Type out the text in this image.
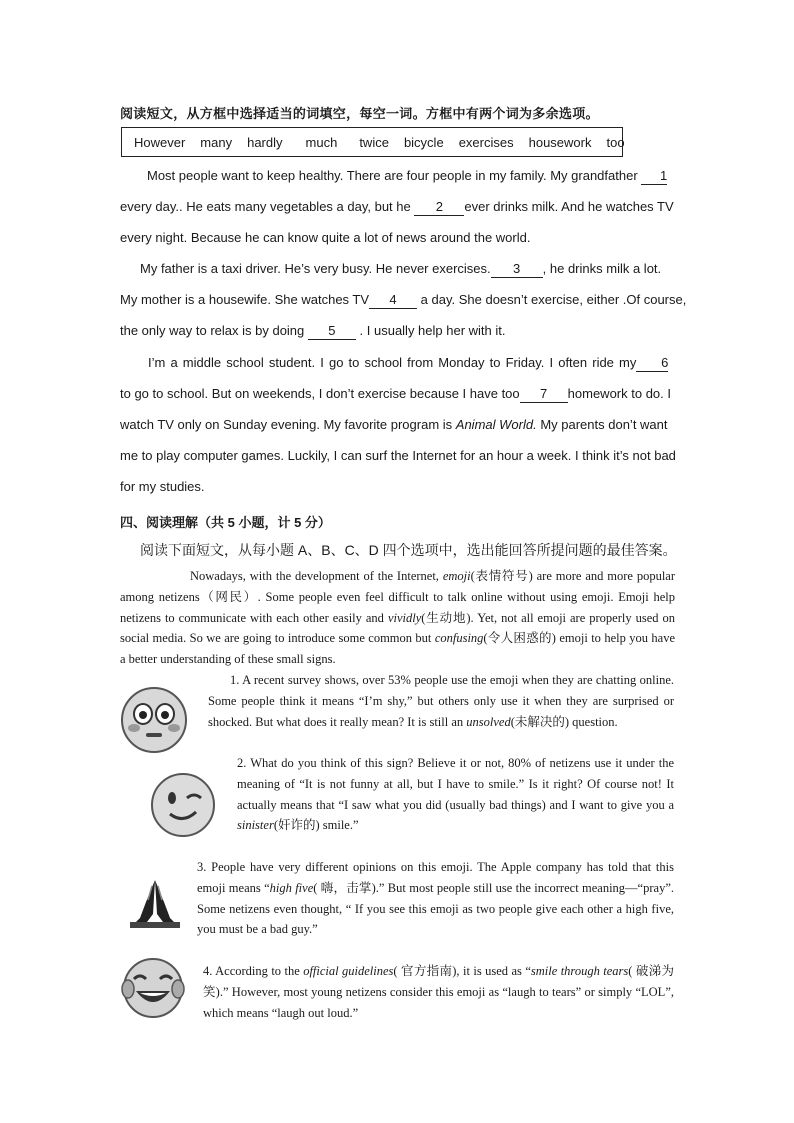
阅读短文，从方框中选择适当的词填空，每空一词。方框中有两个词为多余选项。
However many hardly much twice bicycle exercises housework too
Most people want to keep healthy. There are four people in my family. My grandfather 1
every day.. He eats many vegetables a day, but he 2 ever drinks milk. And he watches TV
every night. Because he can know quite a lot of news around the world.
My father is a taxi driver. He’s very busy. He never exercises. 3 , he drinks milk a lot.
My mother is a housewife. She watches TV 4 a day. She doesn’t exercise, either .Of course,
the only way to relax is by doing 5 . I usually help her with it.
I’m a middle school student. I go to school from Monday to Friday. I often ride my 6
to go to school. But on weekends, I don’t exercise because I have too 7 homework to do. I
watch TV only on Sunday evening. My favorite program is Animal World. My parents don’t want
me to play computer games. Luckily, I can surf the Internet for an hour a week. I think it’s not bad
for my studies.
四、阅读理解（共 5 小题，计 5 分）
阅读下面短文，从每小题 A、B、C、D 四个选项中，选出能回答所提问题的最佳答案。
Nowadays, with the development of the Internet, emoji(表情符号) are more and more popular among netizens（网民）. Some people even feel difficult to talk online without using emoji. Emoji help netizens to communicate with each other easily and vividly(生动地). Yet, not all emoji are properly used on social media. So we are going to introduce some common but confusing(令人困惑的) emoji to help you have a better understanding of these small signs.
1. A recent survey shows, over 53% people use the emoji when they are chatting online. Some people think it means “I’m shy,” but others only use it when they are surprised or shocked. But what does it really mean? It is still an unsolved(未解决的) question.
2. What do you think of this sign? Believe it or not, 80% of netizens use it under the meaning of “It is not funny at all, but I have to smile.” Is it right? Of course not! It actually means that “I saw what you did (usually bad things) and I want to give you a sinister(奸诈的) smile.”
3. People have very different opinions on this emoji. The Apple company has told that this emoji means “high five( 嗨，击掌).” But most people still use the incorrect meaning—“pray”. Some netizens even thought, “ If you see this emoji as two people give each other a high five, you must be a bad guy.”
4. According to the official guidelines( 官方指南), it is used as “smile through tears( 破涕为笑).” However, most young netizens consider this emoji as “laugh to tears” or simply “LOL”, which means “laugh out loud.”
